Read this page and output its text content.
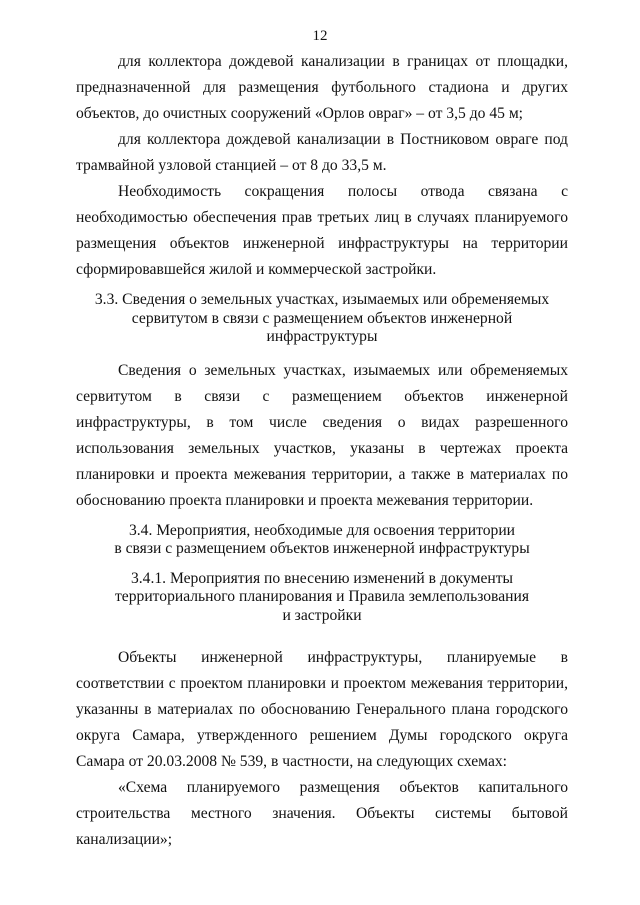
12

для коллектора дождевой канализации в границах от площадки, предназначенной для размещения футбольного стадиона и других объектов, до очистных сооружений «Орлов овраг» – от 3,5 до 45 м;

для коллектора дождевой канализации в Постниковом овраге под трамвайной узловой станцией – от 8 до 33,5 м.

Необходимость сокращения полосы отвода связана с необходимостью обеспечения прав третьих лиц в случаях планируемого размещения объектов инженерной инфраструктуры на территории сформировавшейся жилой и коммерческой застройки.

3.3. Сведения о земельных участках, изымаемых или обременяемых
сервитутом в связи с размещением объектов инженерной инфраструктуры

Сведения о земельных участках, изымаемых или обременяемых сервитутом в связи с размещением объектов инженерной инфраструктуры, в том числе сведения о видах разрешенного использования земельных участков, указаны в чертежах проекта планировки и проекта межевания территории, а также в материалах по обоснованию проекта планировки и проекта межевания территории.

3.4. Мероприятия, необходимые для освоения территории
в связи с размещением объектов инженерной инфраструктуры
3.4.1. Мероприятия по внесению изменений в документы
территориального планирования и Правила землепользования
и застройки

Объекты инженерной инфраструктуры, планируемые в соответствии с проектом планировки и проектом межевания территории, указанны в материалах по обоснованию Генерального плана городского округа Самара, утвержденного решением Думы городского округа Самара от 20.03.2008 № 539, в частности, на следующих схемах:

«Схема планируемого размещения объектов капитального строительства местного значения. Объекты системы бытовой канализации»;
